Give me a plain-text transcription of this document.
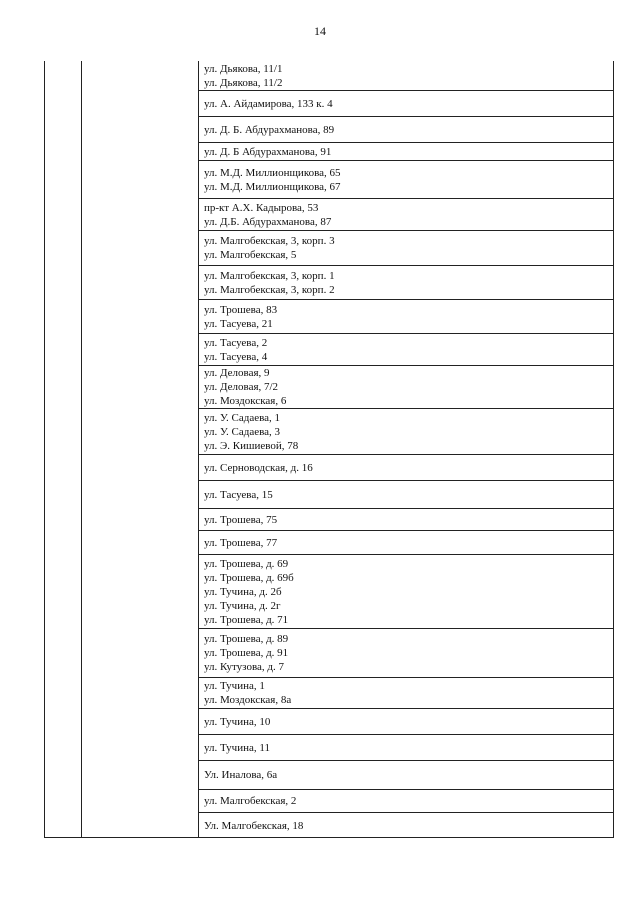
14
ул. Дьякова, 11/1
ул. Дьякова, 11/2
ул. А. Айдамирова, 133 к. 4
ул. Д. Б. Абдурахманова, 89
ул. Д. Б Абдурахманова, 91
ул. М.Д. Миллионщикова, 65
ул. М.Д. Миллионщикова, 67
пр-кт А.Х. Кадырова, 53
ул. Д.Б. Абдурахманова, 87
ул. Малгобекская, 3, корп. 3
ул. Малгобекская, 5
ул. Малгобекская, 3, корп. 1
ул. Малгобекская, 3, корп. 2
ул. Трошева, 83
ул. Тасуева, 21
ул. Тасуева, 2
ул. Тасуева, 4
ул. Деловая, 9
ул. Деловая, 7/2
ул. Моздокская, 6
ул. У. Садаева, 1
ул. У. Садаева, 3
ул. Э. Кишиевой, 78
ул. Серноводская, д. 16
ул. Тасуева, 15
ул. Трошева, 75
ул. Трошева, 77
ул. Трошева, д. 69
ул. Трошева, д. 69б
ул. Тучина, д. 2б
ул. Тучина, д. 2г
ул. Трошева, д. 71
ул. Трошева, д. 89
ул. Трошева, д. 91
ул. Кутузова, д. 7
ул. Тучина, 1
ул. Моздокская, 8а
ул. Тучина, 10
ул. Тучина, 11
Ул. Иналова, 6а
ул. Малгобекская, 2
Ул. Малгобекская, 18
